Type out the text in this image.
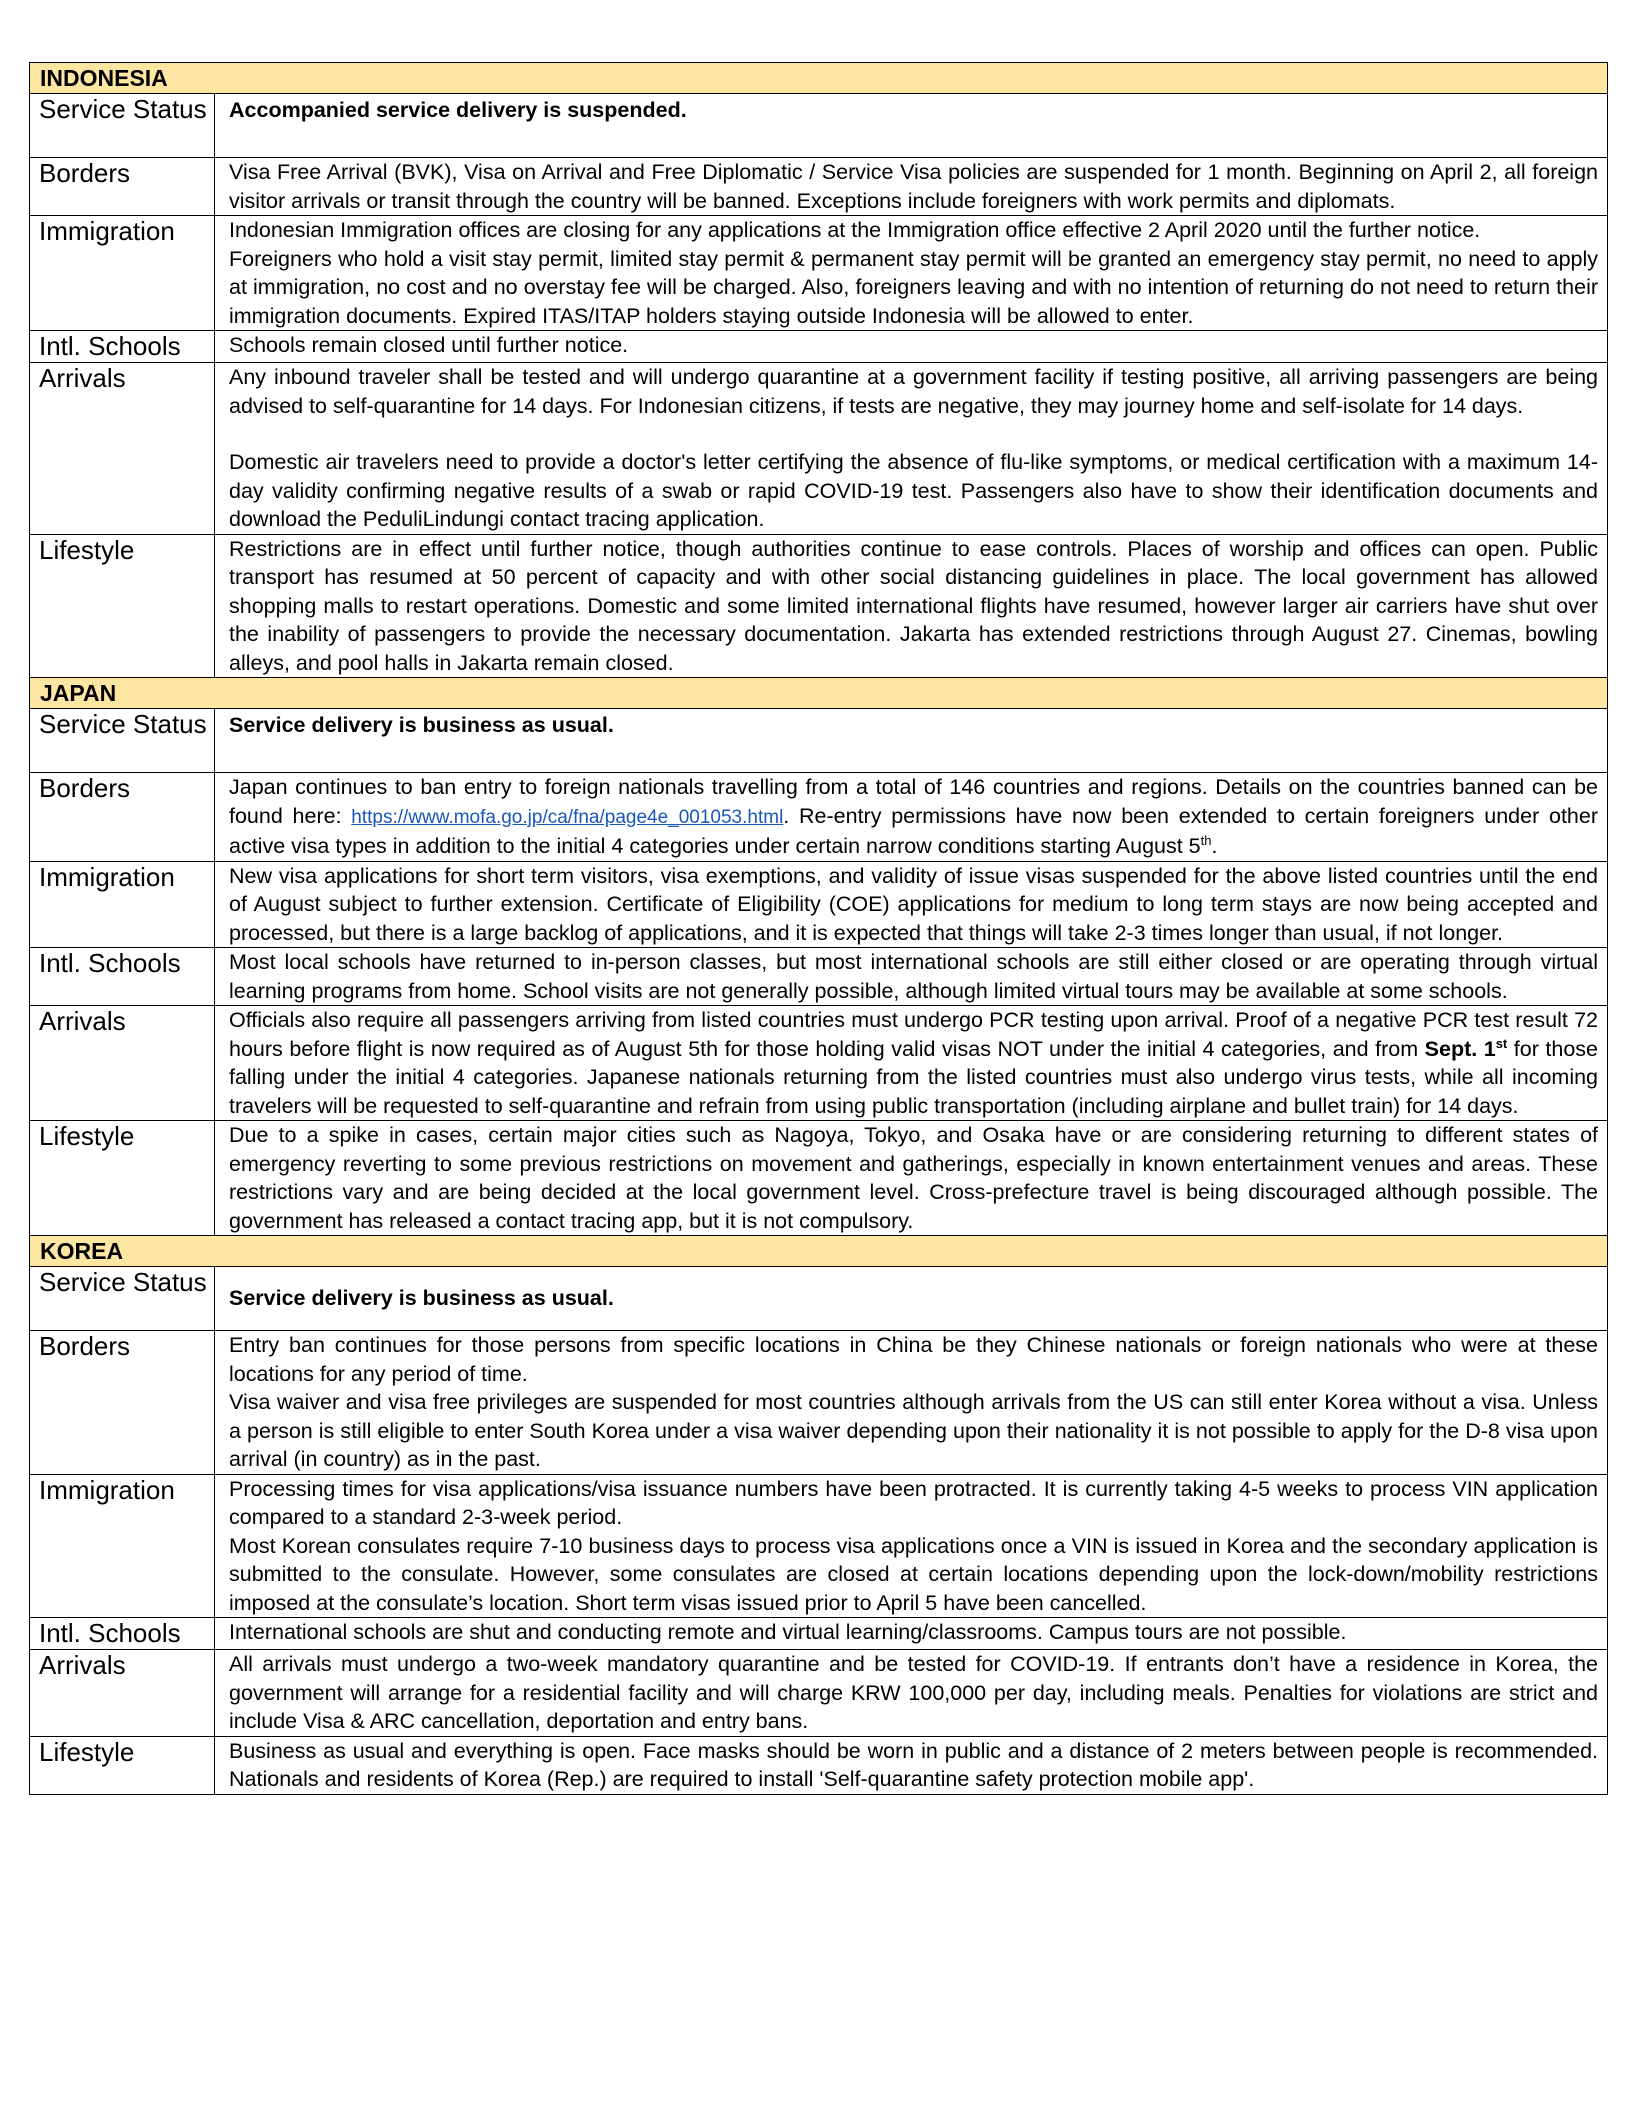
INDONESIA	
Service Status	Accompanied service delivery is suspended.

Borders	Visa Free Arrival (BVK), Visa on Arrival and Free Diplomatic / Service Visa policies are suspended for 1 month. Beginning on April 2, all foreign visitor arrivals or transit through the country will be banned. Exceptions include foreigners with work permits and diplomats.
Immigration	Indonesian Immigration offices are closing for any applications at the Immigration office effective 2 April 2020 until the further notice.

Foreigners who hold a visit stay permit, limited stay permit & permanent stay permit will be granted an emergency stay permit, no need to apply at immigration, no cost and no overstay fee will be charged. Also, foreigners leaving and with no intention of returning do not need to return their immigration documents. Expired ITAS/ITAP holders staying outside Indonesia will be allowed to enter.

Intl. Schools	Schools remain closed until further notice.
Arrivals	Any inbound traveler shall be tested and will undergo quarantine at a government facility if testing positive, all arriving passengers are being advised to self-quarantine for 14 days. For Indonesian citizens, if tests are negative, they may journey home and self-isolate for 14 days.

Domestic air travelers need to provide a doctor's letter certifying the absence of flu-like symptoms, or medical certification with a maximum 14-day validity confirming negative results of a swab or rapid COVID-19 test. Passengers also have to show their identification documents and download the PeduliLindungi contact tracing application.

Lifestyle	Restrictions are in effect until further notice, though authorities continue to ease controls. Places of worship and offices can open. Public transport has resumed at 50 percent of capacity and with other social distancing guidelines in place. The local government has allowed shopping malls to restart operations. Domestic and some limited international flights have resumed, however larger air carriers have shut over the inability of passengers to provide the necessary documentation. Jakarta has extended restrictions through August 27. Cinemas, bowling alleys, and pool halls in Jakarta remain closed.
JAPAN	
Service Status	Service delivery is business as usual.

Borders	Japan continues to ban entry to foreign nationals travelling from a total of 146 countries and regions. Details on the countries banned can be found here: https://www.mofa.go.jp/ca/fna/page4e_001053.html. Re-entry permissions have now been extended to certain foreigners under other active visa types in addition to the initial 4 categories under certain narrow conditions starting August 5th.
Immigration	New visa applications for short term visitors, visa exemptions, and validity of issue visas suspended for the above listed countries until the end of August subject to further extension. Certificate of Eligibility (COE) applications for medium to long term stays are now being accepted and processed, but there is a large backlog of applications, and it is expected that things will take 2-3 times longer than usual, if not longer.
Intl. Schools	Most local schools have returned to in-person classes, but most international schools are still either closed or are operating through virtual learning programs from home. School visits are not generally possible, although limited virtual tours may be available at some schools.
Arrivals	Officials also require all passengers arriving from listed countries must undergo PCR testing upon arrival. Proof of a negative PCR test result 72 hours before flight is now required as of August 5th for those holding valid visas NOT under the initial 4 categories, and from Sept. 1st for those falling under the initial 4 categories. Japanese nationals returning from the listed countries must also undergo virus tests, while all incoming travelers will be requested to self-quarantine and refrain from using public transportation (including airplane and bullet train) for 14 days.
Lifestyle	Due to a spike in cases, certain major cities such as Nagoya, Tokyo, and Osaka have or are considering returning to different states of emergency reverting to some previous restrictions on movement and gatherings, especially in known entertainment venues and areas. These restrictions vary and are being decided at the local government level. Cross-prefecture travel is being discouraged although possible. The government has released a contact tracing app, but it is not compulsory.
KOREA	
Service Status	Service delivery is business as usual.

Borders	Entry ban continues for those persons from specific locations in China be they Chinese nationals or foreign nationals who were at these locations for any period of time.

Visa waiver and visa free privileges are suspended for most countries although arrivals from the US can still enter Korea without a visa. Unless a person is still eligible to enter South Korea under a visa waiver depending upon their nationality it is not possible to apply for the D-8 visa upon arrival (in country) as in the past.

Immigration	Processing times for visa applications/visa issuance numbers have been protracted. It is currently taking 4-5 weeks to process VIN application compared to a standard 2-3-week period.

Most Korean consulates require 7-10 business days to process visa applications once a VIN is issued in Korea and the secondary application is submitted to the consulate. However, some consulates are closed at certain locations depending upon the lock-down/mobility restrictions imposed at the consulate’s location. Short term visas issued prior to April 5 have been cancelled.

Intl. Schools	International schools are shut and conducting remote and virtual learning/classrooms. Campus tours are not possible.
Arrivals	All arrivals must undergo a two-week mandatory quarantine and be tested for COVID-19. If entrants don’t have a residence in Korea, the government will arrange for a residential facility and will charge KRW 100,000 per day, including meals. Penalties for violations are strict and include Visa & ARC cancellation, deportation and entry bans.
Lifestyle	Business as usual and everything is open. Face masks should be worn in public and a distance of 2 meters between people is recommended. Nationals and residents of Korea (Rep.) are required to install 'Self-quarantine safety protection mobile app'.
